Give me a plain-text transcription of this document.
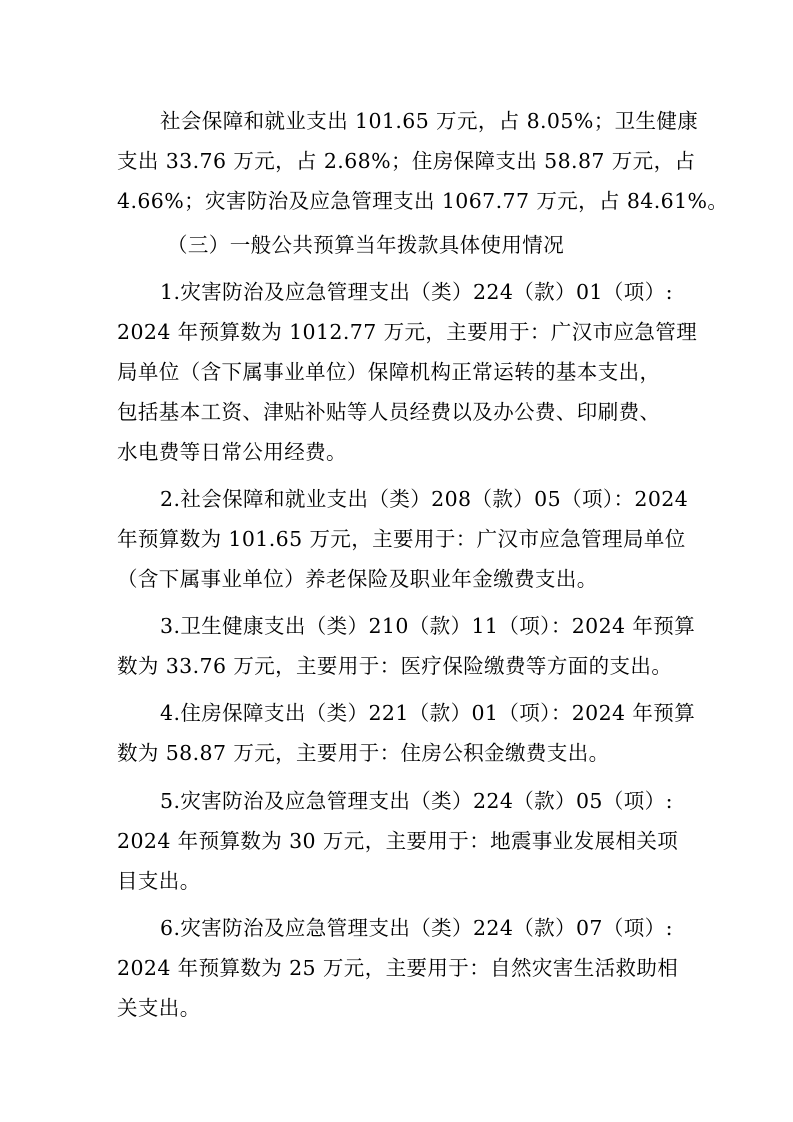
社会保障和就业支出 101.65 万元，占 8.05%；卫生健康

支出 33.76 万元，占 2.68%；住房保障支出 58.87 万元，占

4.66%；灾害防治及应急管理支出 1067.77 万元，占 84.61%。

（三）一般公共预算当年拨款具体使用情况

1.灾害防治及应急管理支出（类）224（款）01（项）:

2024 年预算数为 1012.77 万元，主要用于：广汉市应急管理

局单位（含下属事业单位）保障机构正常运转的基本支出，

包括基本工资、津贴补贴等人员经费以及办公费、印刷费、

水电费等日常公用经费。

2.社会保障和就业支出（类）208（款）05（项）：2024

年预算数为 101.65 万元，主要用于：广汉市应急管理局单位

（含下属事业单位）养老保险及职业年金缴费支出。

3.卫生健康支出（类）210（款）11（项）：2024 年预算

数为 33.76 万元，主要用于：医疗保险缴费等方面的支出。

4.住房保障支出（类）221（款）01（项）：2024 年预算

数为 58.87 万元，主要用于：住房公积金缴费支出。

5.灾害防治及应急管理支出（类）224（款）05（项）:

2024 年预算数为 30 万元，主要用于：地震事业发展相关项

目支出。

6.灾害防治及应急管理支出（类）224（款）07（项）:

2024 年预算数为 25 万元，主要用于：自然灾害生活救助相

关支出。
